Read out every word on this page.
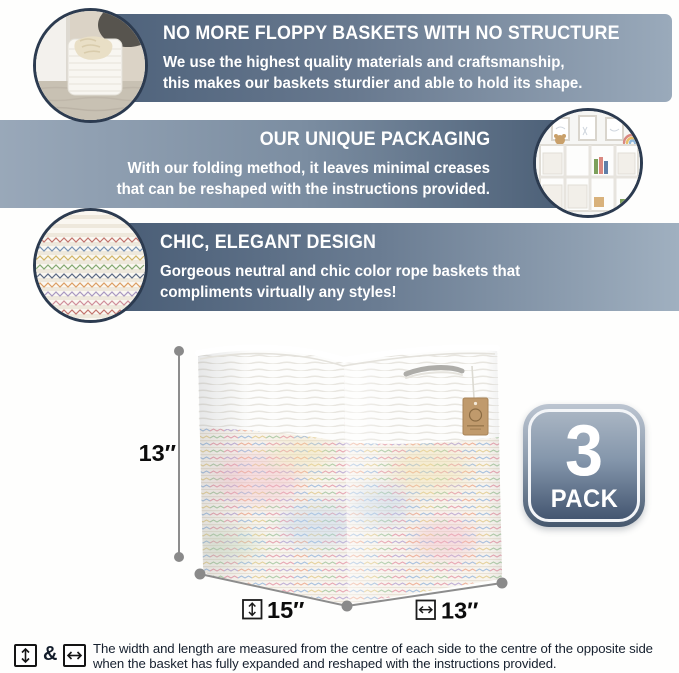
NO MORE FLOPPY BASKETS WITH NO STRUCTURE
We use the highest quality materials and craftsmanship,
this makes our baskets sturdier and able to hold its shape.
OUR UNIQUE PACKAGING
With our folding method, it leaves minimal creases
that can be reshaped with the instructions provided.
CHIC, ELEGANT DESIGN
Gorgeous neutral and chic color rope baskets that
compliments virtually any styles!
13″
15″	13″
3
PACK
&	The width and length are measured from the centre of each side to the centre of the opposite side
when the basket has fully expanded and reshaped with the instructions provided.
